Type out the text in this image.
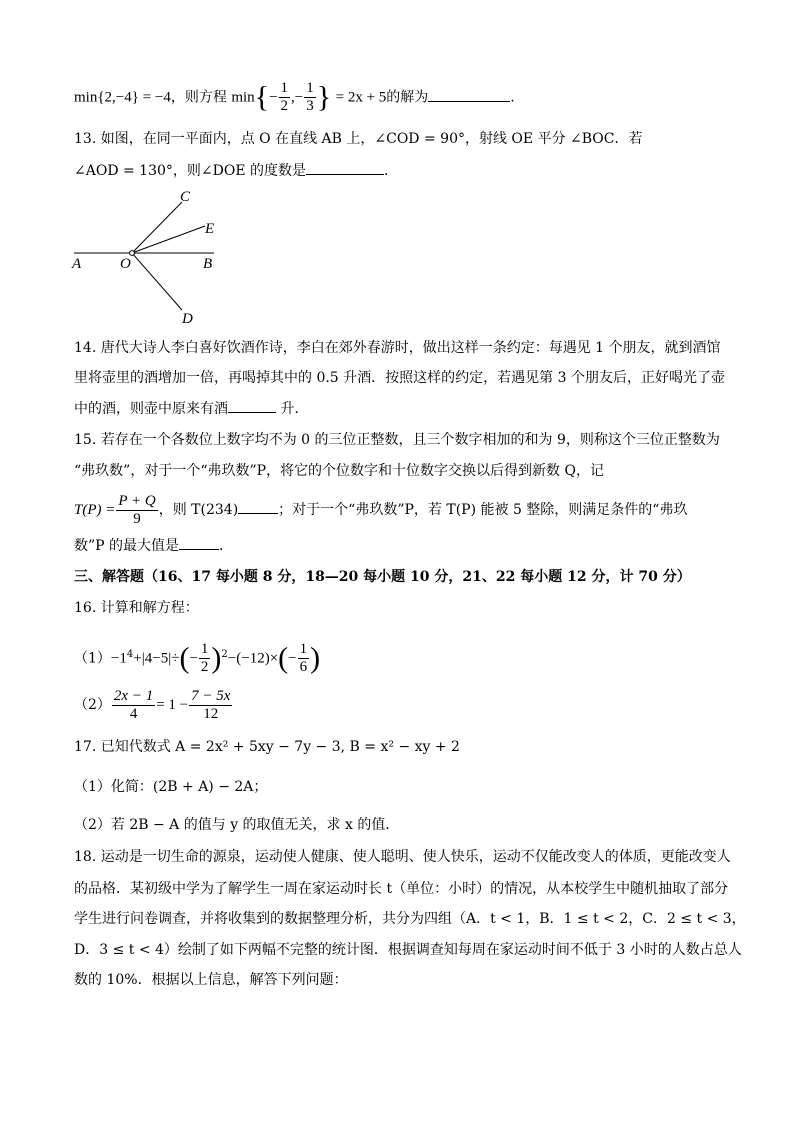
min{2,−4} = −4，则方程 $\min\{- \frac{1}{2}$ ,− $\frac{1}{3}$ } = 2x + 5的解为	.
13. 如图，在同一平面内，点 O 在直线 AB 上，∠COD = 90°，射线 OE 平分 ∠BOC．若
∠AOD = 130°，则∠DOE 的度数是	．
C
E
A	O	B
D
14. 唐代大诗人李白喜好饮酒作诗，李白在郊外春游时，做出这样一条约定：每遇见 1 个朋友，就到酒馆
里将壶里的酒增加一倍，再喝掉其中的 0.5 升酒．按照这样的约定，若遇见第 3 个朋友后，正好喝光了壶
中的酒，则壶中原来有酒	升．
15. 若存在一个各数位上数字均不为 0 的三位正整数，且三个数字相加的和为 9，则称这个三位正整数为
“弗玖数”，对于一个“弗玖数”P，将它的个位数字和十位数字交换以后得到新数 Q，记
$T(P) = \frac{P + Q}{9}$ ，则 T(234)	；对于一个“弗玖数”P，若 T(P) 能被 5 整除，则满足条件的“弗玖
数”P 的最大值是	．
三、解答题（16、17 每小题 8 分，18—20 每小题 10 分，21、22 每小题 12 分，计 70 分）
16. 计算和解方程：
$(1)-1^4+|4-5|\div(- \frac{1}{2} )^2-(-12)\times(- \frac{1}{6}$ )
$(2) \frac{2x - 1}{4} = 1 - \frac{7 - 5x}{12}$
17. 已知代数式 A = 2x² + 5xy − 7y − 3, B = x² − xy + 2
（1）化简：(2B + A) − 2A；
（2）若 2B − A 的值与 y 的取值无关，求 x 的值．
18. 运动是一切生命的源泉，运动使人健康、使人聪明、使人快乐，运动不仅能改变人的体质，更能改变人
的品格．某初级中学为了解学生一周在家运动时长 t（单位：小时）的情况，从本校学生中随机抽取了部分
学生进行问卷调查，并将收集到的数据整理分析，共分为四组（A．t < 1，B．1 ≤ t < 2，C．2 ≤ t < 3，
D．3 ≤ t < 4）绘制了如下两幅不完整的统计图．根据调查知每周在家运动时间不低于 3 小时的人数占总人
数的 10%．根据以上信息，解答下列问题：
